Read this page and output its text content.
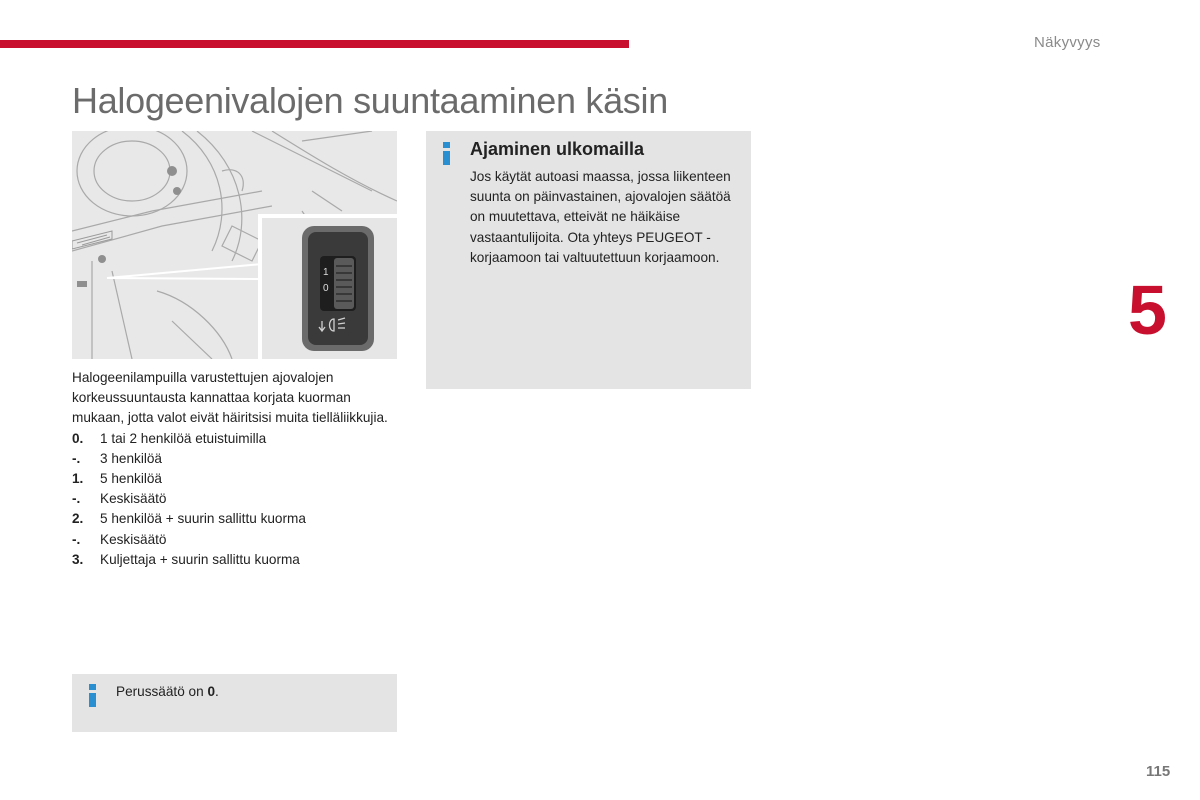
Näkyvyys
Halogeenivalojen suuntaaminen käsin
5
115
1
0

Halogeenilampuilla varustettujen ajovalojen korkeussuuntausta kannattaa korjata kuorman mukaan, jotta valot eivät häiritsisi muita tielläliikkujia.

0.	1 tai 2 henkilöä etuistuimilla
-.	3 henkilöä
1.	5 henkilöä
-.	Keskisäätö
2.	5 henkilöä + suurin sallittu kuorma
-.	Keskisäätö
3.	Kuljettaja + suurin sallittu kuorma
Ajaminen ulkomailla

Jos käytät autoasi maassa, jossa liikenteen suunta on päinvastainen, ajovalojen säätöä on muutettava, etteivät ne häikäise vastaantulijoita. Ota yhteys PEUGEOT -korjaamoon tai valtuutettuun korjaamoon.

Perussäätö on 0.
